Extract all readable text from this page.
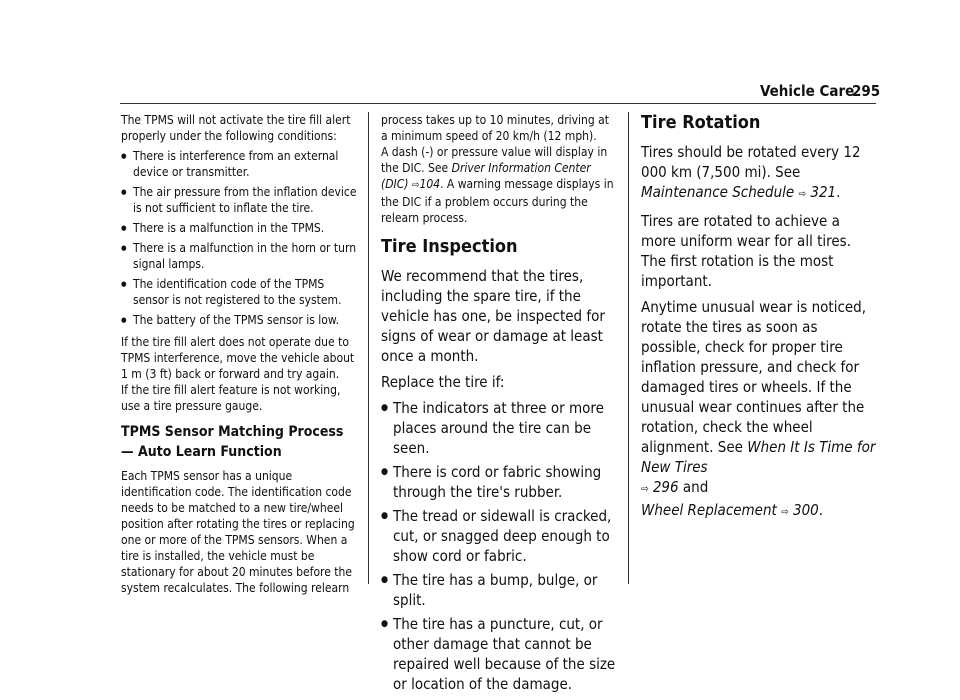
Vehicle Care
295

The TPMS will not activate the tire fill alert properly under the following conditions:

● There is interference from an external device or transmitter.
● The air pressure from the inflation device is not sufficient to inflate the tire.
● There is a malfunction in the TPMS.
● There is a malfunction in the horn or turn signal lamps.
● The identification code of the TPMS sensor is not registered to the system.
● The battery of the TPMS sensor is low.

If the tire fill alert does not operate due to TPMS interference, move the vehicle about 1 m (3 ft) back or forward and try again.

If the tire fill alert feature is not working, use a tire pressure gauge.

TPMS Sensor Matching Process — Auto Learn Function

Each TPMS sensor has a unique identification code. The identification code needs to be matched to a new tire/wheel position after rotating the tires or replacing one or more of the TPMS sensors. When a tire is installed, the vehicle must be stationary for about 20 minutes before the system recalculates. The following relearn

process takes up to 10 minutes, driving at a minimum speed of 20 km/h (12 mph).

A dash (-) or pressure value will display in the DIC. See Driver Information Center (DIC) ⇨104. A warning message displays in the DIC if a problem occurs during the relearn process.

Tire Inspection

We recommend that the tires, including the spare tire, if the vehicle has one, be inspected for signs of wear or damage at least once a month.

Replace the tire if:

● The indicators at three or more places around the tire can be seen.
● There is cord or fabric showing through the tire's rubber.
● The tread or sidewall is cracked, cut, or snagged deep enough to show cord or fabric.
● The tire has a bump, bulge, or split.
● The tire has a puncture, cut, or other damage that cannot be repaired well because of the size or location of the damage.
Tire Rotation

Tires should be rotated every 12 000 km (7,500 mi). See Maintenance Schedule ⇨ 321.

Tires are rotated to achieve a more uniform wear for all tires. The first rotation is the most important.

Anytime unusual wear is noticed, rotate the tires as soon as possible, check for proper tire inflation pressure, and check for damaged tires or wheels. If the unusual wear continues after the rotation, check the wheel alignment. See When It Is Time for New Tires
⇨ 296 and
Wheel Replacement ⇨ 300.
